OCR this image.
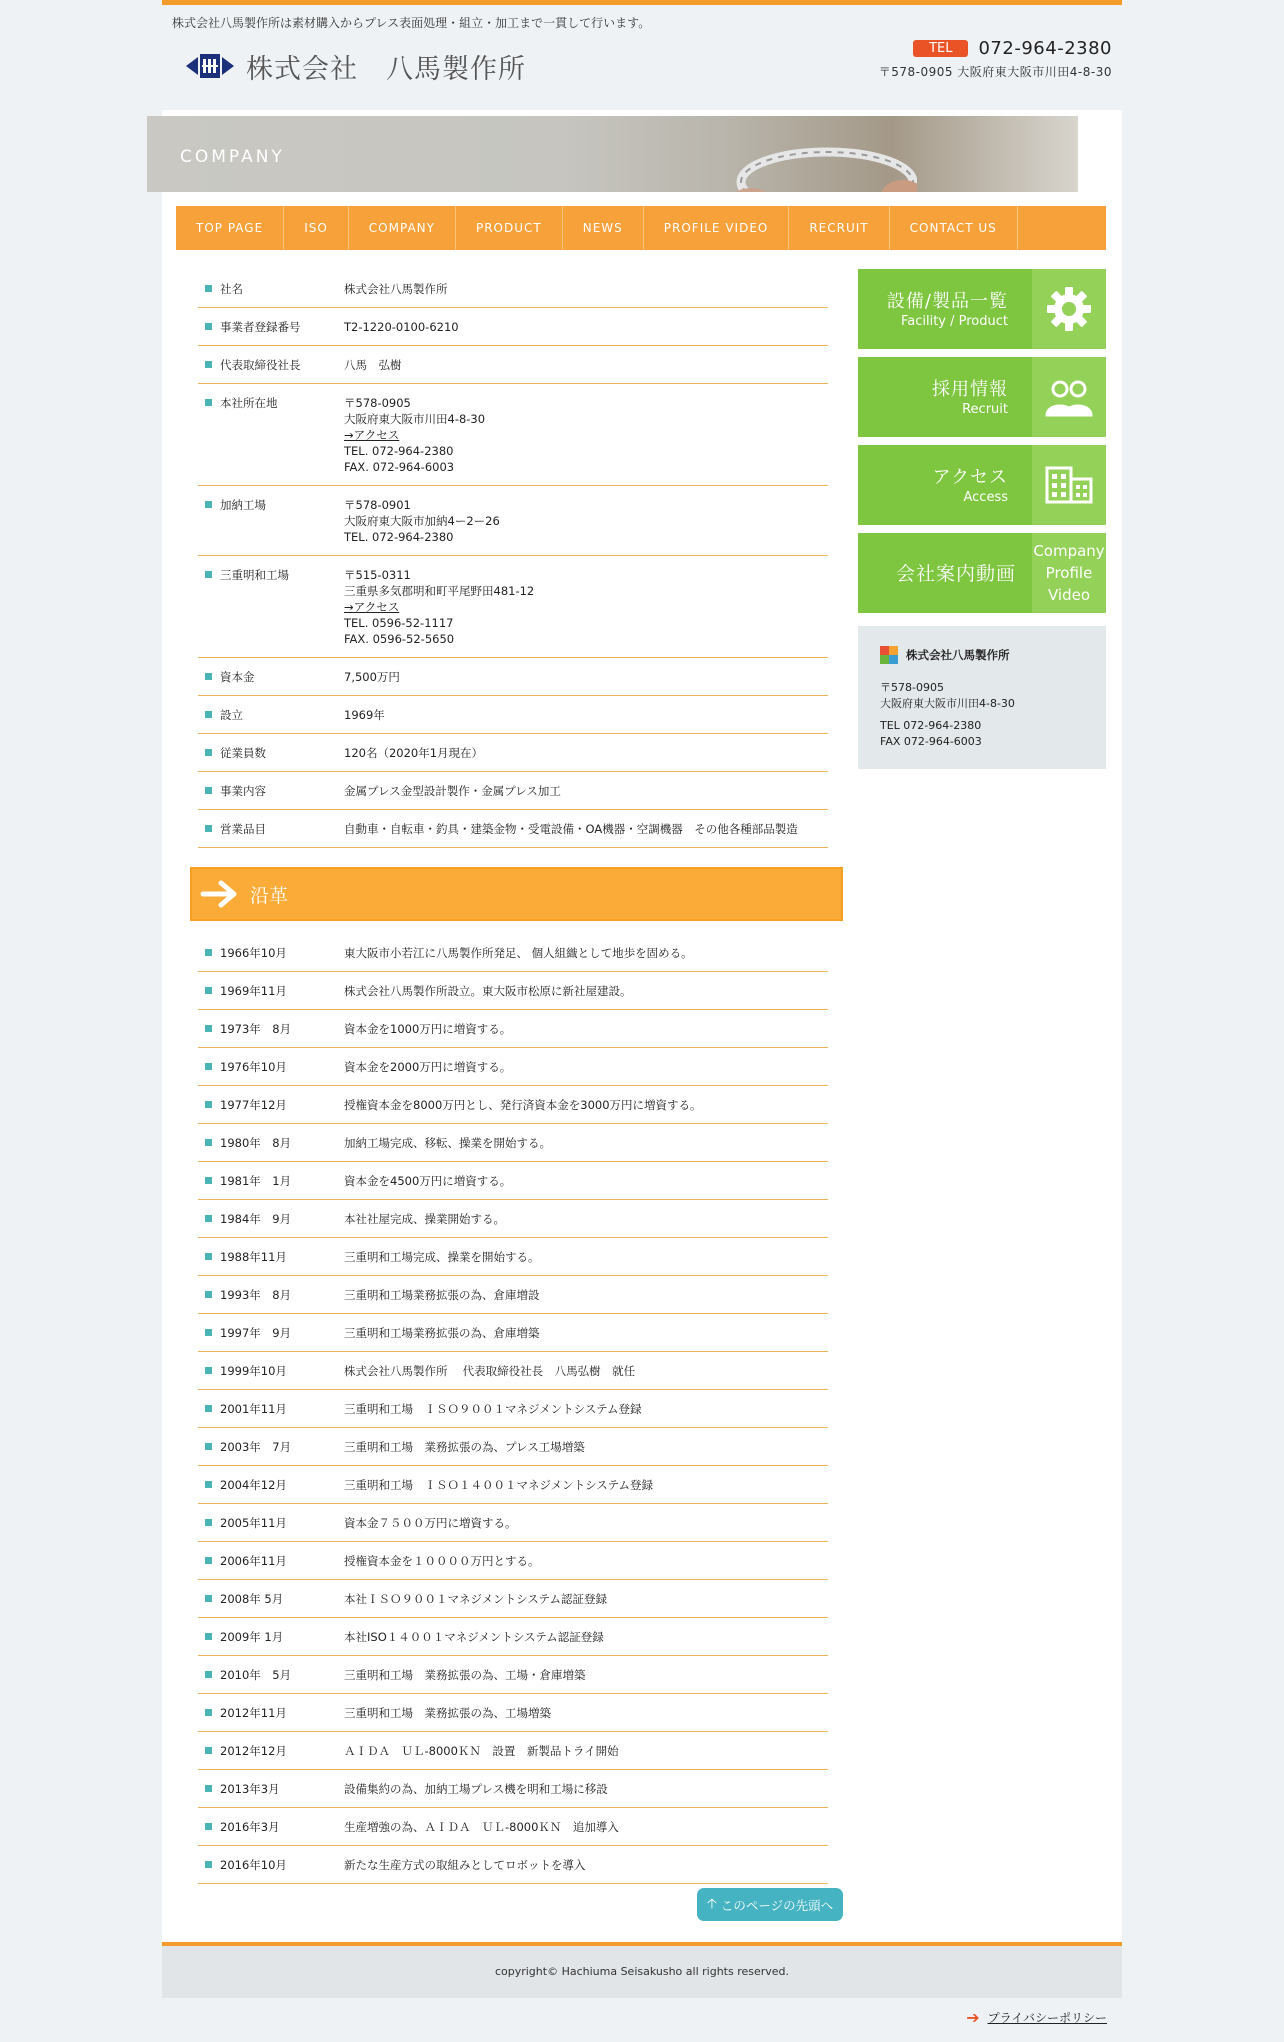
株式会社八馬製作所は素材購入からプレス表面処理・組立・加工まで一貫して行います。
株式会社　八馬製作所
TEL	072-964-2380
〒578-0905 大阪府東大阪市川田4-8-30
COMPANY
TOP PAGE	ISO	COMPANY	PRODUCT	NEWS	PROFILE VIDEO	RECRUIT	CONTACT US
社名	株式会社八馬製作所
事業者登録番号	T2-1220-0100-6210
代表取締役社長	八馬　弘樹
本社所在地	〒578-0905
大阪府東大阪市川田4-8-30
→アクセス
TEL. 072-964-2380
FAX. 072-964-6003
加納工場	〒578-0901
大阪府東大阪市加納4ー2ー26
TEL. 072-964-2380
三重明和工場	〒515-0311
三重県多気郡明和町平尾野田481-12
→アクセス
TEL. 0596-52-1117
FAX. 0596-52-5650
資本金	7,500万円
設立	1969年
従業員数	120名（2020年1月現在）
事業内容	金属プレス金型設計製作・金属プレス加工
営業品目	自動車・自転車・釣具・建築金物・受電設備・OA機器・空調機器　その他各種部品製造
沿革
1966年10月	東大阪市小若江に八馬製作所発足、 個人組織として地歩を固める。
1969年11月	株式会社八馬製作所設立。東大阪市松原に新社屋建設。
1973年　8月	資本金を1000万円に増資する。
1976年10月	資本金を2000万円に増資する。
1977年12月	授権資本金を8000万円とし、発行済資本金を3000万円に増資する。
1980年　8月	加納工場完成、移転、操業を開始する。
1981年　1月	資本金を4500万円に増資する。
1984年　9月	本社社屋完成、操業開始する。
1988年11月	三重明和工場完成、操業を開始する。
1993年　8月	三重明和工場業務拡張の為、倉庫増設
1997年　9月	三重明和工場業務拡張の為、倉庫増築
1999年10月	株式会社八馬製作所　 代表取締役社長　八馬弘樹　就任
2001年11月	三重明和工場　ＩＳＯ９００１マネジメントシステム登録
2003年　7月	三重明和工場　業務拡張の為、プレス工場増築
2004年12月	三重明和工場　ＩＳＯ１４００１マネジメントシステム登録
2005年11月	資本金７５００万円に増資する。
2006年11月	授権資本金を１００００万円とする。
2008年 5月	本社ＩＳＯ９００１マネジメントシステム認証登録
2009年 1月	本社ISO１４００１マネジメントシステム認証登録
2010年　5月	三重明和工場　業務拡張の為、工場・倉庫増築
2012年11月	三重明和工場　業務拡張の為、工場増築
2012年12月	ＡＩＤＡ　ＵＬ-8000ＫＮ　設置　新製品トライ開始
2013年3月	設備集約の為、加納工場プレス機を明和工場に移設
2016年3月	生産増強の為、ＡＩＤＡ　ＵＬ-8000ＫＮ　追加導入
2016年10月	新たな生産方式の取組みとしてロボットを導入
設備/製品一覧
Facility / Product
採用情報
Recruit
アクセス
Access
会社案内動画
Company
Profile
Video
株式会社八馬製作所
〒578-0905
大阪府東大阪市川田4-8-30
TEL 072-964-2380
FAX 072-964-6003
🡡 このページの先頭へ
copyright© Hachiuma Seisakusho all rights reserved.
➔ プライバシーポリシー
